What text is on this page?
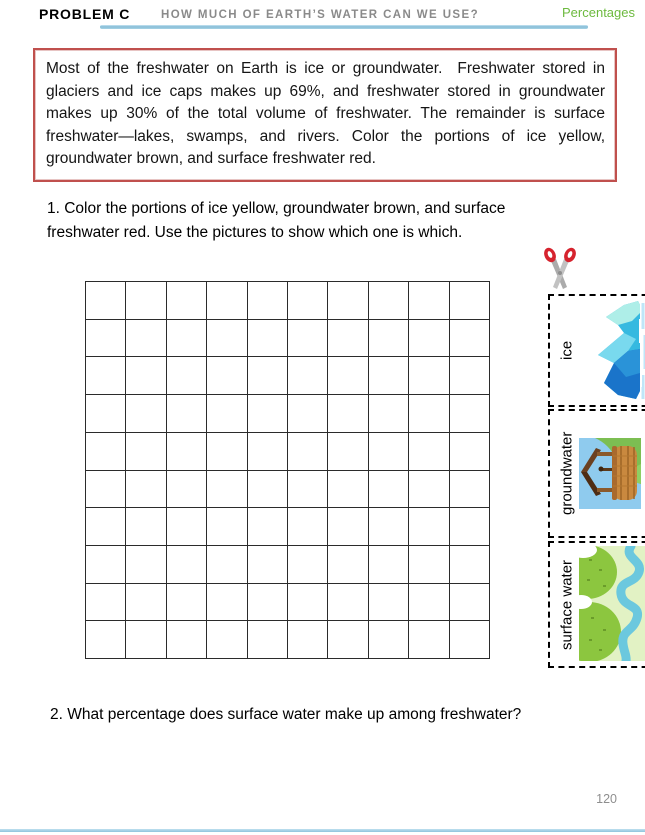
PROBLEM C	HOW MUCH OF EARTH’S WATER CAN WE USE?	Percentages

Most of the freshwater on Earth is ice or groundwater.  Freshwater stored in glaciers and ice caps makes up 69%, and freshwater stored in groundwater makes up 30% of the total volume of freshwater. The remainder is surface freshwater—lakes, swamps, and rivers. Color the portions of ice yellow, groundwater brown, and surface freshwater red.

1. Color the portions of ice yellow, groundwater brown, and surface freshwater red. Use the pictures to show which one is which.
ice
groundwater
surface water
2. What percentage does surface water make up among freshwater?
120
